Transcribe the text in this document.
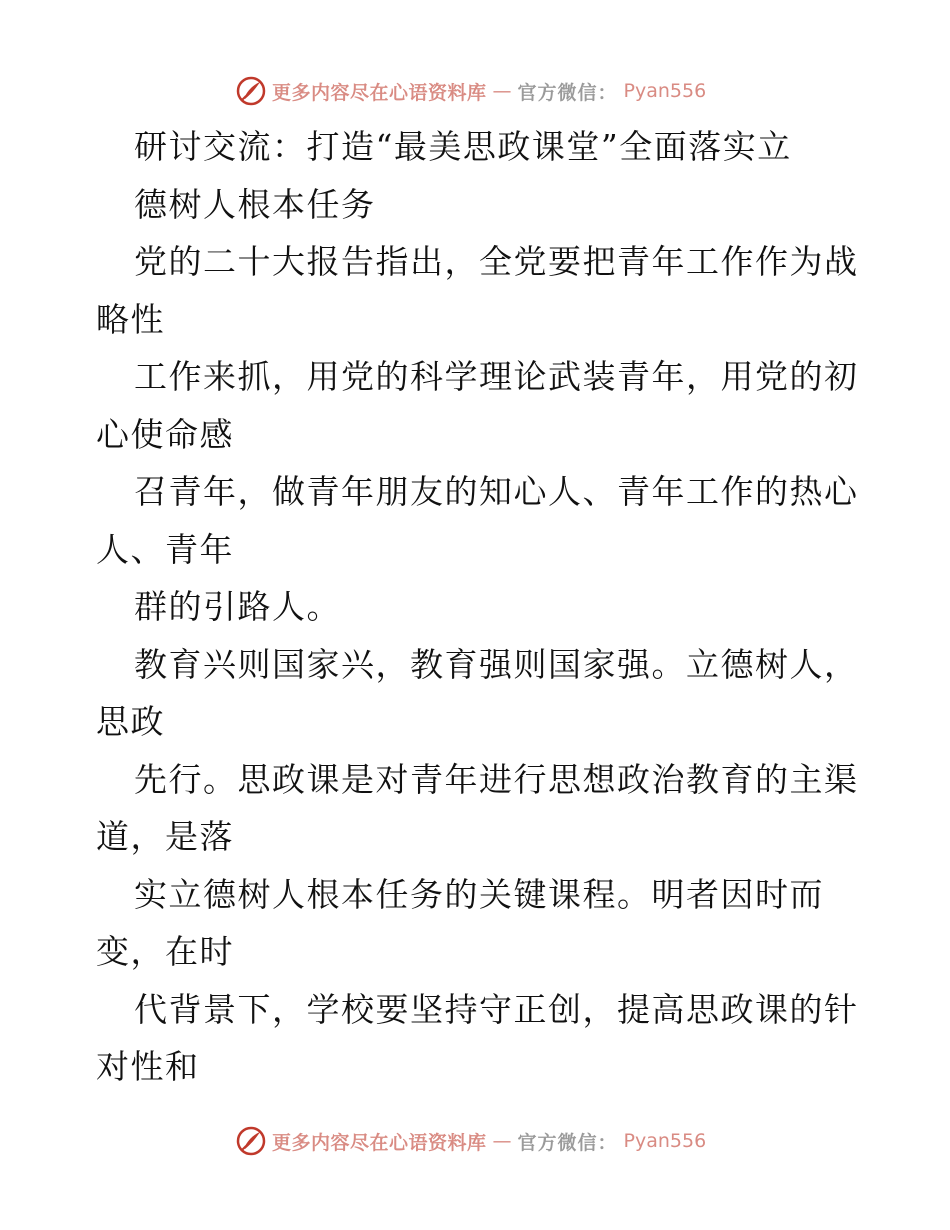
更多内容尽在心语资料库 — 官方微信： Pyan556
研讨交流：打造“最美思政课堂”全面落实立
德树人根本任务
党的二十大报告指出，全党要把青年工作作为战
略性
工作来抓，用党的科学理论武装青年，用党的初
心使命感
召青年，做青年朋友的知心人、青年工作的热心
人、青年
群的引路人。
教育兴则国家兴，教育强则国家强。立德树人，
思政
先行。思政课是对青年进行思想政治教育的主渠
道，是落
实立德树人根本任务的关键课程。明者因时而
变，在时
代背景下，学校要坚持守正创，提高思政课的针
对性和
更多内容尽在心语资料库 — 官方微信： Pyan556
